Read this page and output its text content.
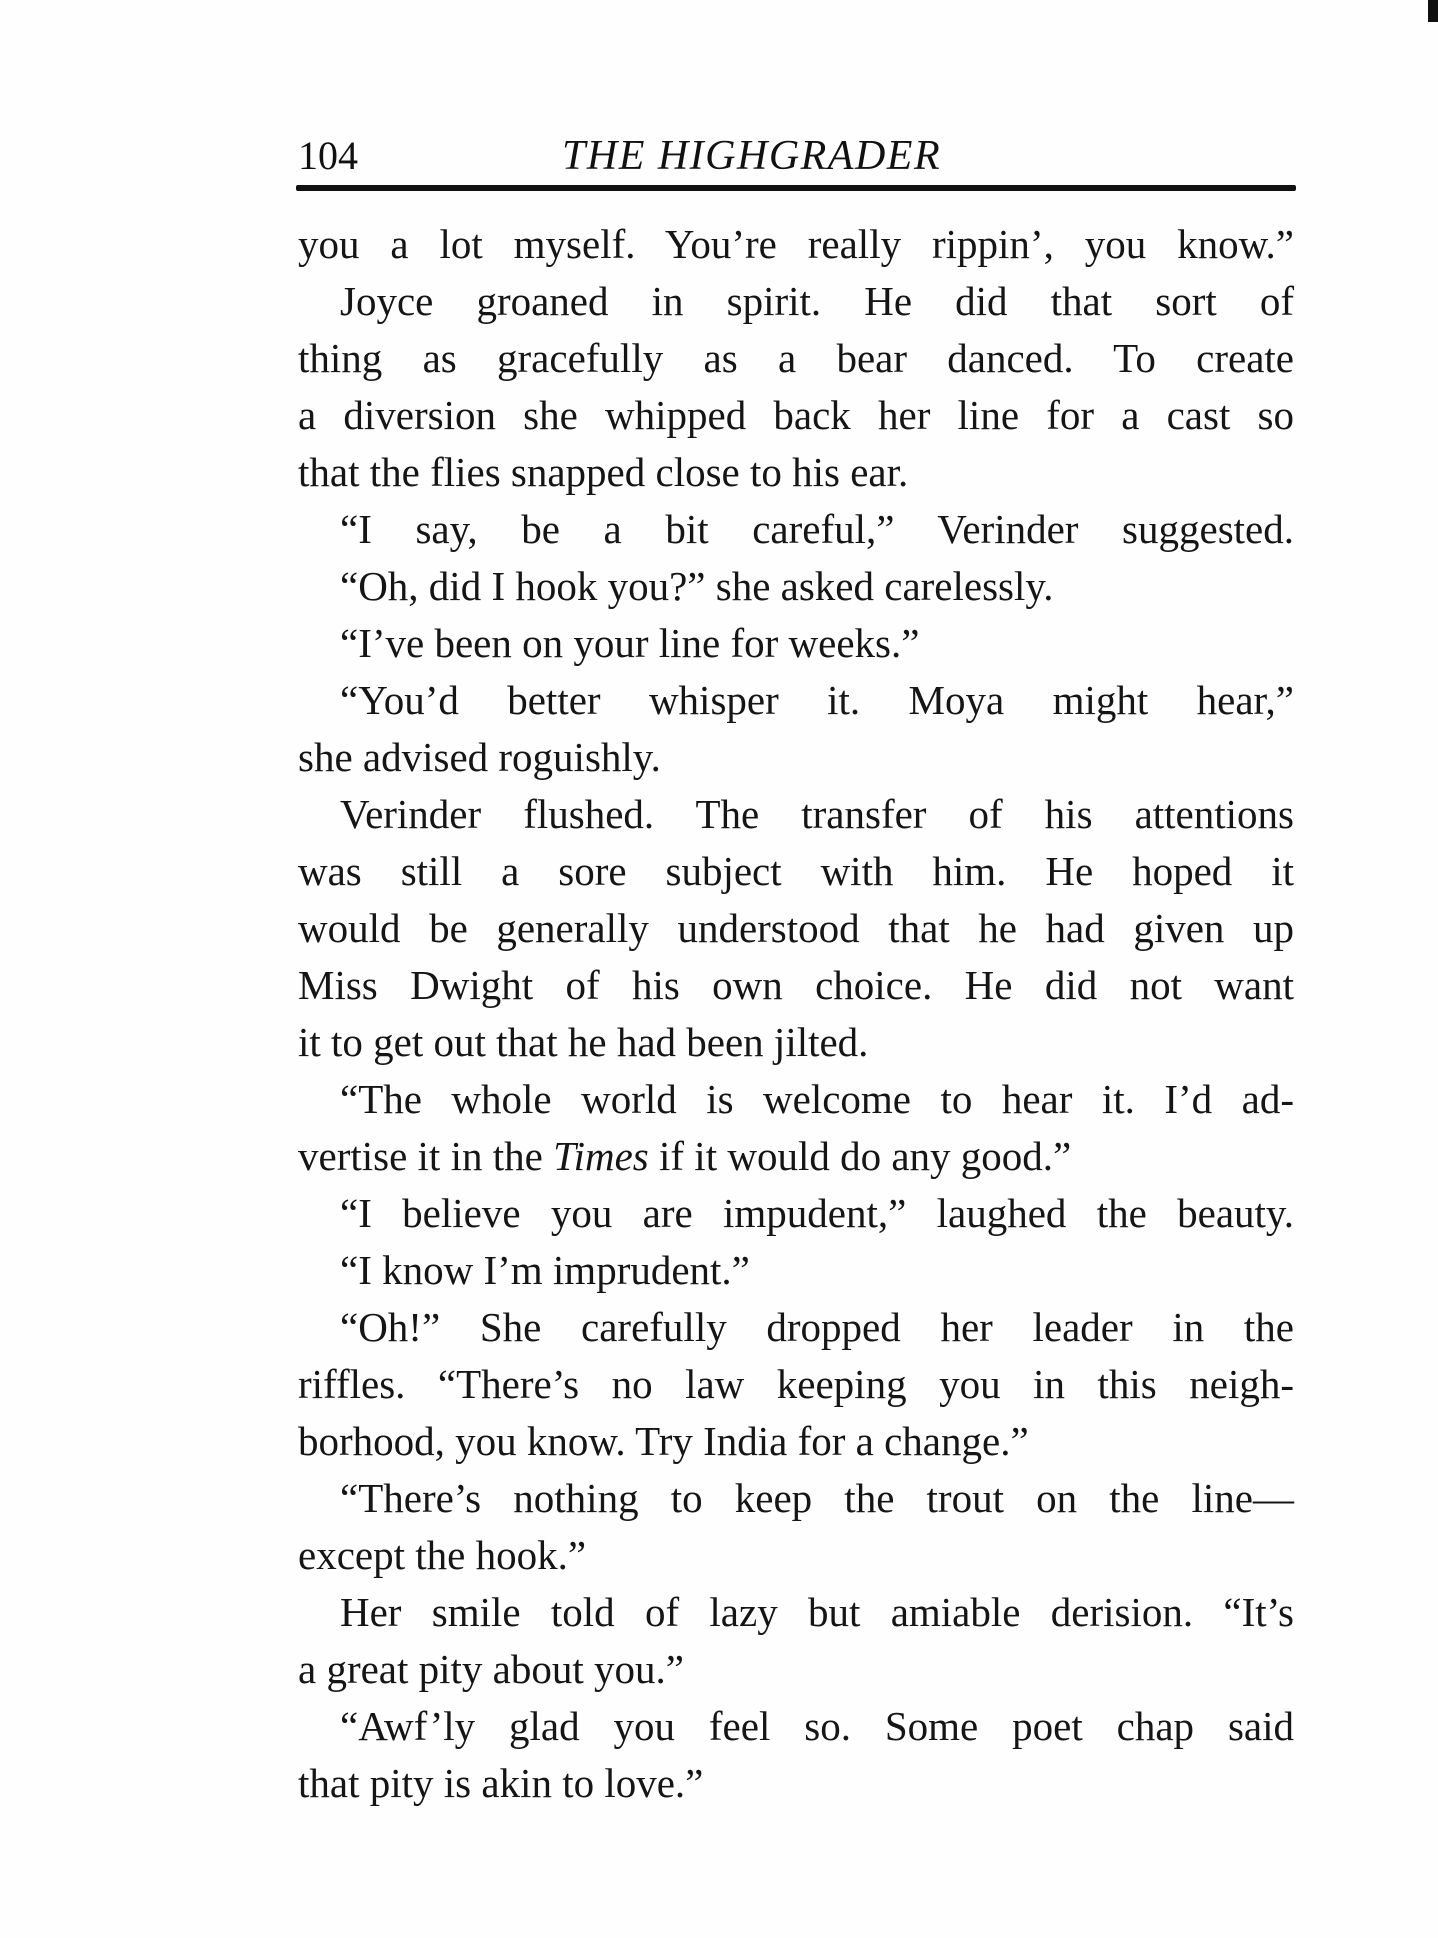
104	THE HIGHGRADER
you a lot myself. You’re really rippin’, you know.”
Joyce groaned in spirit. He did that sort of
thing as gracefully as a bear danced. To create
a diversion she whipped back her line for a cast so
that the flies snapped close to his ear.
“I say, be a bit careful,” Verinder suggested.
“Oh, did I hook you?” she asked carelessly.
“I’ve been on your line for weeks.”
“You’d better whisper it. Moya might hear,”
she advised roguishly.
Verinder flushed. The transfer of his attentions
was still a sore subject with him. He hoped it
would be generally understood that he had given up
Miss Dwight of his own choice. He did not want
it to get out that he had been jilted.
“The whole world is welcome to hear it. I’d ad-
vertise it in the Times if it would do any good.”
“I believe you are impudent,” laughed the beauty.
“I know I’m imprudent.”
“Oh!” She carefully dropped her leader in the
riffles. “There’s no law keeping you in this neigh-
borhood, you know. Try India for a change.”
“There’s nothing to keep the trout on the line—
except the hook.”
Her smile told of lazy but amiable derision. “It’s
a great pity about you.”
“Awf’ly glad you feel so. Some poet chap said
that pity is akin to love.”
